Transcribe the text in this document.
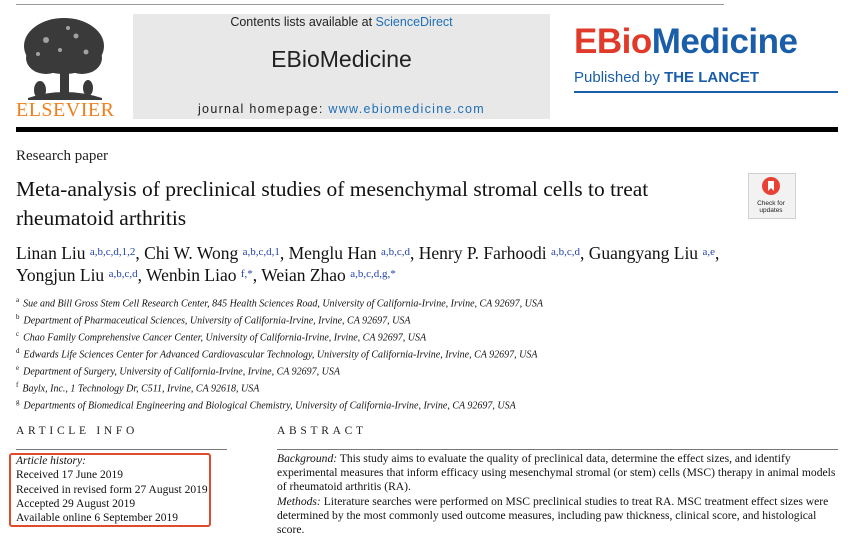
ELSEVIER
Contents lists available at ScienceDirect
EBioMedicine
journal homepage: www.ebiomedicine.com
EBioMedicine
Published by THE LANCET
Research paper
Meta-analysis of preclinical studies of mesenchymal stromal cells to treat rheumatoid arthritis
Check for updates
Linan Liu $^{a,b,c,d,1,2}$, Chi W. Wong $^{a,b,c,d,1}$, Menglu Han $^{a,b,c,d}$, Henry P. Farhoodi $^{a,b,c,d}$, Guangyang Liu $^{a,e}$,
Yongjun Liu $^{a,b,c,d}$, Wenbin Liao $^{f,*}$, Weian Zhao $^{a,b,c,d,g,*}$
$^a$ Sue and Bill Gross Stem Cell Research Center, 845 Health Sciences Road, University of California-Irvine, Irvine, CA 92697, USA
$^b$ Department of Pharmaceutical Sciences, University of California-Irvine, Irvine, CA 92697, USA
$^c$ Chao Family Comprehensive Cancer Center, University of California-Irvine, Irvine, CA 92697, USA
$^d$ Edwards Life Sciences Center for Advanced Cardiovascular Technology, University of California-Irvine, Irvine, CA 92697, USA
$^e$ Department of Surgery, University of California-Irvine, Irvine, CA 92697, USA
$^f$ Baylx, Inc., 1 Technology Dr, C511, Irvine, CA 92618, USA
$^g$ Departments of Biomedical Engineering and Biological Chemistry, University of California-Irvine, Irvine, CA 92697, USA
ARTICLE INFO	ABSTRACT
Article history:
Received 17 June 2019
Received in revised form 27 August 2019
Accepted 29 August 2019
Available online 6 September 2019
Background: This study aims to evaluate the quality of preclinical data, determine the effect sizes, and identify experimental measures that inform efficacy using mesenchymal stromal (or stem) cells (MSC) therapy in animal models of rheumatoid arthritis (RA).
Methods: Literature searches were performed on MSC preclinical studies to treat RA. MSC treatment effect sizes were determined by the most commonly used outcome measures, including paw thickness, clinical score, and histological score.
